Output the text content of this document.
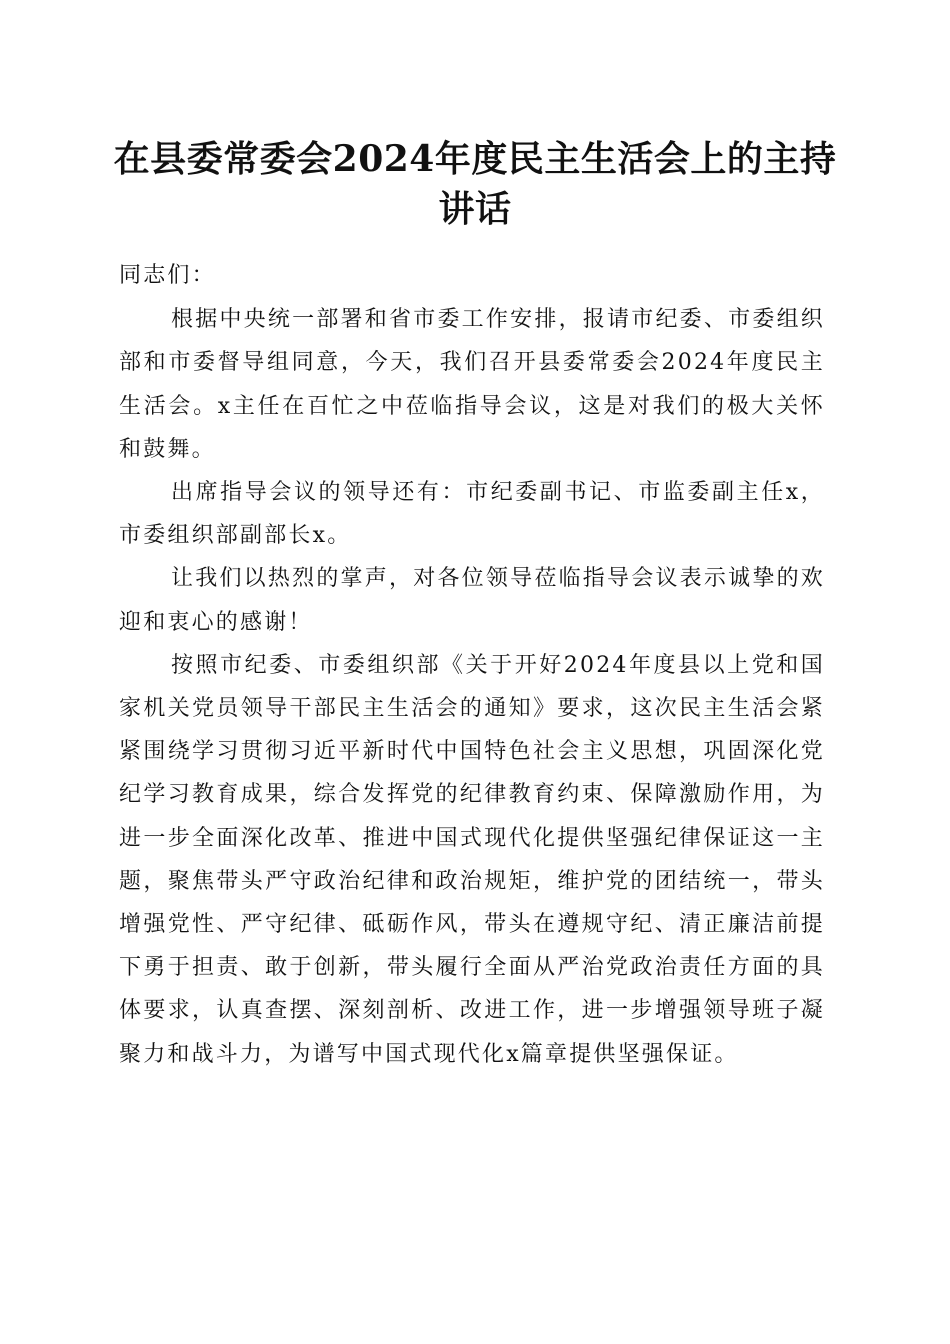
在县委常委会2024年度民主生活会上的主持讲话

同志们：

根据中央统一部署和省市委工作安排，报请市纪委、市委组织部和市委督导组同意，今天，我们召开县委常委会2024年度民主生活会。x主任在百忙之中莅临指导会议，这是对我们的极大关怀和鼓舞。

出席指导会议的领导还有：市纪委副书记、市监委副主任x，市委组织部副部长x。

让我们以热烈的掌声，对各位领导莅临指导会议表示诚挚的欢迎和衷心的感谢！

按照市纪委、市委组织部《关于开好2024年度县以上党和国家机关党员领导干部民主生活会的通知》要求，这次民主生活会紧紧围绕学习贯彻习近平新时代中国特色社会主义思想，巩固深化党纪学习教育成果，综合发挥党的纪律教育约束、保障激励作用，为进一步全面深化改革、推进中国式现代化提供坚强纪律保证这一主题，聚焦带头严守政治纪律和政治规矩，维护党的团结统一，带头增强党性、严守纪律、砥砺作风，带头在遵规守纪、清正廉洁前提下勇于担责、敢于创新，带头履行全面从严治党政治责任方面的具体要求，认真查摆、深刻剖析、改进工作，进一步增强领导班子凝聚力和战斗力，为谱写中国式现代化x篇章提供坚强保证。
